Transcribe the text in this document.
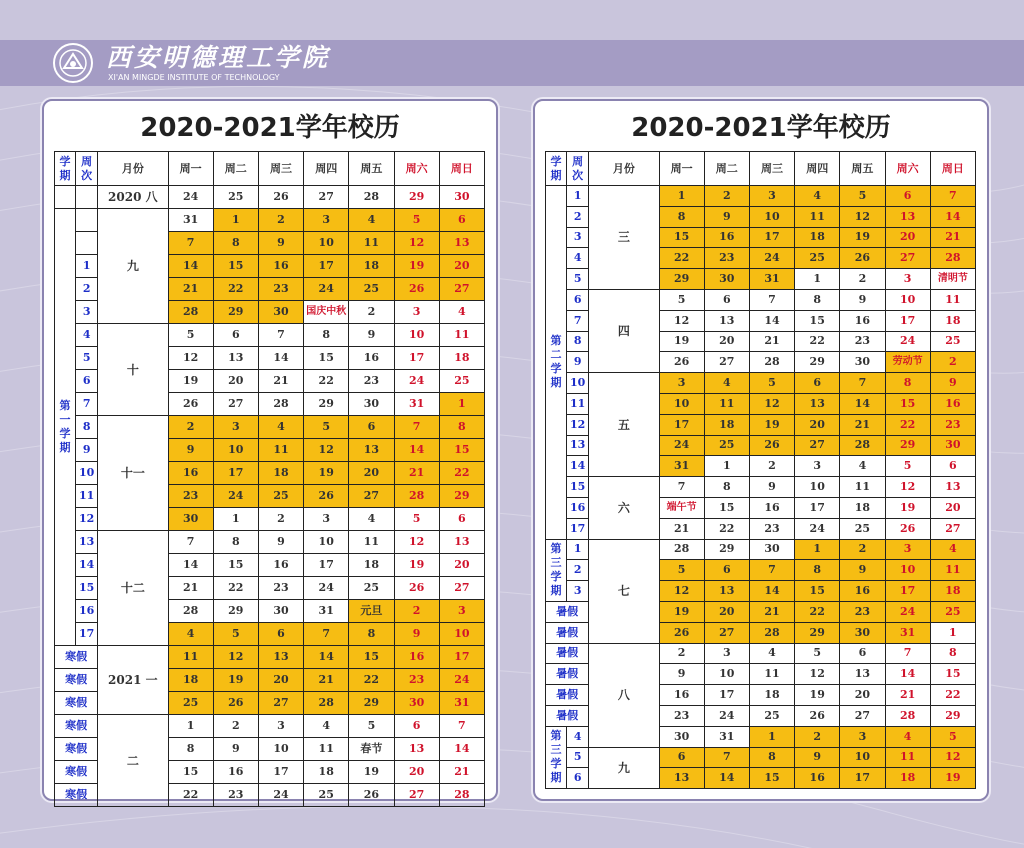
西安明德理工学院
XI'AN MINGDE INSTITUTE OF TECHNOLOGY
2020-2021学年校历
学期	周次	月份	周一	周二	周三	周四	周五	周六	周日
		2020 八	24	25	26	27	28	29	30

第一学期		九	31	1	2	3	4	5	6
			7	8	9	10	11	12	13
	1		14	15	16	17	18	19	20
	2		21	22	23	24	25	26	27
	3		28	29	30	国庆中秋	2	3	4
	4	十	5	6	7	8	9	10	11
	5		12	13	14	15	16	17	18
	6		19	20	21	22	23	24	25
	7		26	27	28	29	30	31	1
	8	十一	2	3	4	5	6	7	8
	9		9	10	11	12	13	14	15
	10		16	17	18	19	20	21	22
	11		23	24	25	26	27	28	29
	12		30	1	2	3	4	5	6
	13	十二	7	8	9	10	11	12	13
	14		14	15	16	17	18	19	20
	15		21	22	23	24	25	26	27
	16		28	29	30	31	元旦	2	3
	17		4	5	6	7	8	9	10
寒假		2021 一	11	12	13	14	15	16	17
寒假			18	19	20	21	22	23	24
寒假			25	26	27	28	29	30	31
寒假		二	1	2	3	4	5	6	7
寒假			8	9	10	11	春节	13	14
寒假			15	16	17	18	19	20	21
寒假			22	23	24	25	26	27	28
2020-2021学年校历
学期	周次	月份	周一	周二	周三	周四	周五	周六	周日

第二学期	1	三	1	2	3	4	5	6	7
	2		8	9	10	11	12	13	14
	3		15	16	17	18	19	20	21
	4		22	23	24	25	26	27	28
	5		29	30	31	1	2	3	清明节
	6	四	5	6	7	8	9	10	11
	7		12	13	14	15	16	17	18
	8		19	20	21	22	23	24	25
	9		26	27	28	29	30	劳动节	2
	10	五	3	4	5	6	7	8	9
	11		10	11	12	13	14	15	16
	12		17	18	19	20	21	22	23
	13		24	25	26	27	28	29	30
	14		31	1	2	3	4	5	6
	15	六	7	8	9	10	11	12	13
	16		端午节	15	16	17	18	19	20
	17		21	22	23	24	25	26	27

第三学期	1	七	28	29	30	1	2	3	4
	2		5	6	7	8	9	10	11
	3		12	13	14	15	16	17	18
暑假			19	20	21	22	23	24	25
暑假			26	27	28	29	30	31	1
暑假		八	2	3	4	5	6	7	8
暑假			9	10	11	12	13	14	15
暑假			16	17	18	19	20	21	22
暑假			23	24	25	26	27	28	29

第三学期	4		30	31	1	2	3	4	5
	5	九	6	7	8	9	10	11	12
	6		13	14	15	16	17	18	19
